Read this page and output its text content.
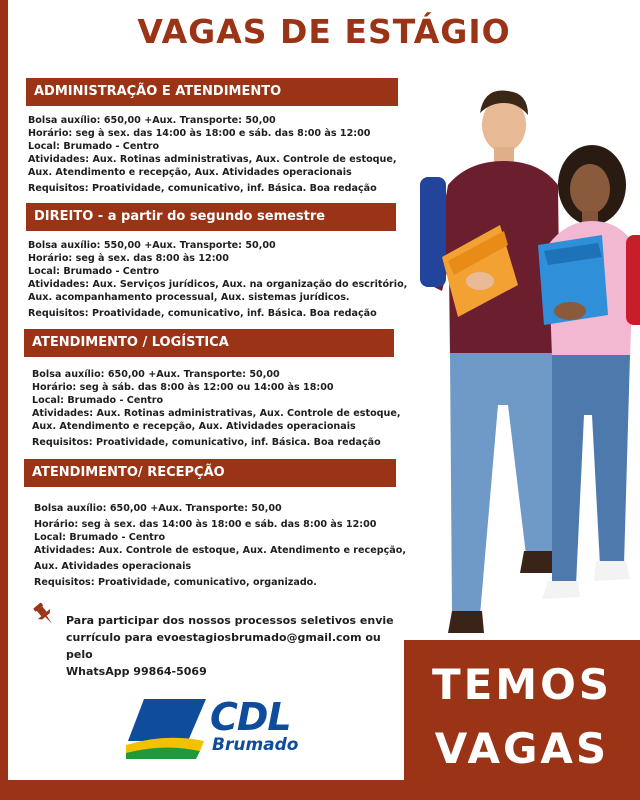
VAGAS DE ESTÁGIO
ADMINISTRAÇÃO E ATENDIMENTO
Bolsa auxílio: 650,00 +Aux. Transporte: 50,00
Horário: seg à sex. das 14:00 às 18:00 e sáb. das 8:00 às 12:00
Local: Brumado - Centro
Atividades: Aux. Rotinas administrativas, Aux. Controle de estoque,
Aux. Atendimento e recepção, Aux. Atividades operacionais
Requisitos: Proatividade, comunicativo, inf. Básica. Boa redação
DIREITO - a partir do segundo semestre
Bolsa auxílio: 550,00 +Aux. Transporte: 50,00
Horário: seg à sex. das 8:00 às 12:00
Local: Brumado - Centro
Atividades: Aux. Serviços jurídicos, Aux. na organização do escritório,
Aux. acompanhamento processual, Aux. sistemas jurídicos.
Requisitos: Proatividade, comunicativo, inf. Básica. Boa redação
ATENDIMENTO / LOGÍSTICA
Bolsa auxílio: 650,00 +Aux. Transporte: 50,00
Horário: seg à sáb. das 8:00 às 12:00 ou 14:00 às 18:00
Local: Brumado - Centro
Atividades: Aux. Rotinas administrativas, Aux. Controle de estoque,
Aux. Atendimento e recepção, Aux. Atividades operacionais
Requisitos: Proatividade, comunicativo, inf. Básica. Boa redação
ATENDIMENTO/ RECEPÇÃO
Bolsa auxílio: 650,00 +Aux. Transporte: 50,00
Horário: seg à sex. das 14:00 às 18:00 e sáb. das 8:00 às 12:00
Local: Brumado - Centro
Atividades: Aux. Controle de estoque, Aux. Atendimento e recepção,
Aux. Atividades operacionais
Requisitos: Proatividade, comunicativo, organizado.
Para participar dos nossos processos seletivos envie
currículo para evoestagiosbrumado@gmail.com ou pelo
WhatsApp 99864-5069
CDL
Brumado
TEMOS
VAGAS
